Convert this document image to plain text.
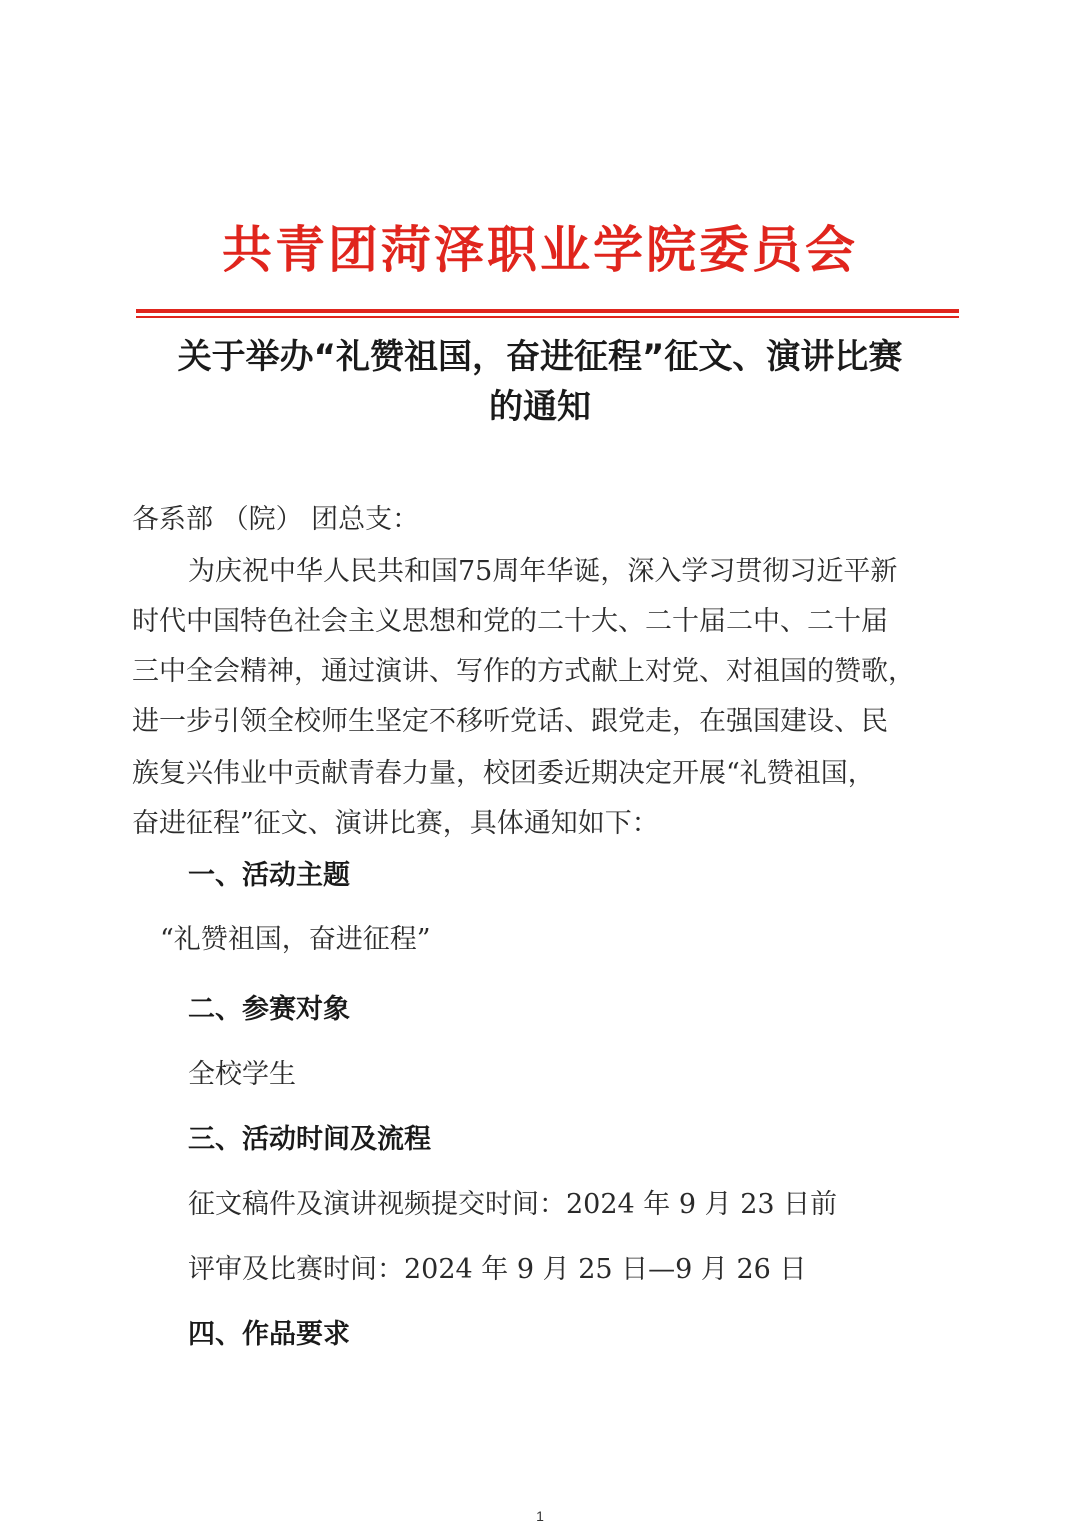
共青团菏泽职业学院委员会
关于举办“礼赞祖国，奋进征程”征文、演讲比赛
的通知
各系部 （院） 团总支：
为庆祝中华人民共和国75周年华诞，深入学习贯彻习近平新
时代中国特色社会主义思想和党的二十大、二十届二中、二十届
三中全会精神，通过演讲、写作的方式献上对党、对祖国的赞歌，
进一步引领全校师生坚定不移听党话、跟党走，在强国建设、民
族复兴伟业中贡献青春力量，校团委近期决定开展“礼赞祖国，
奋进征程”征文、演讲比赛，具体通知如下：
一、活动主题
“礼赞祖国，奋进征程”
二、参赛对象
全校学生
三、活动时间及流程
征文稿件及演讲视频提交时间：2024 年 9 月 23 日前
评审及比赛时间：2024 年 9 月 25 日—9 月 26 日
四、作品要求
1
